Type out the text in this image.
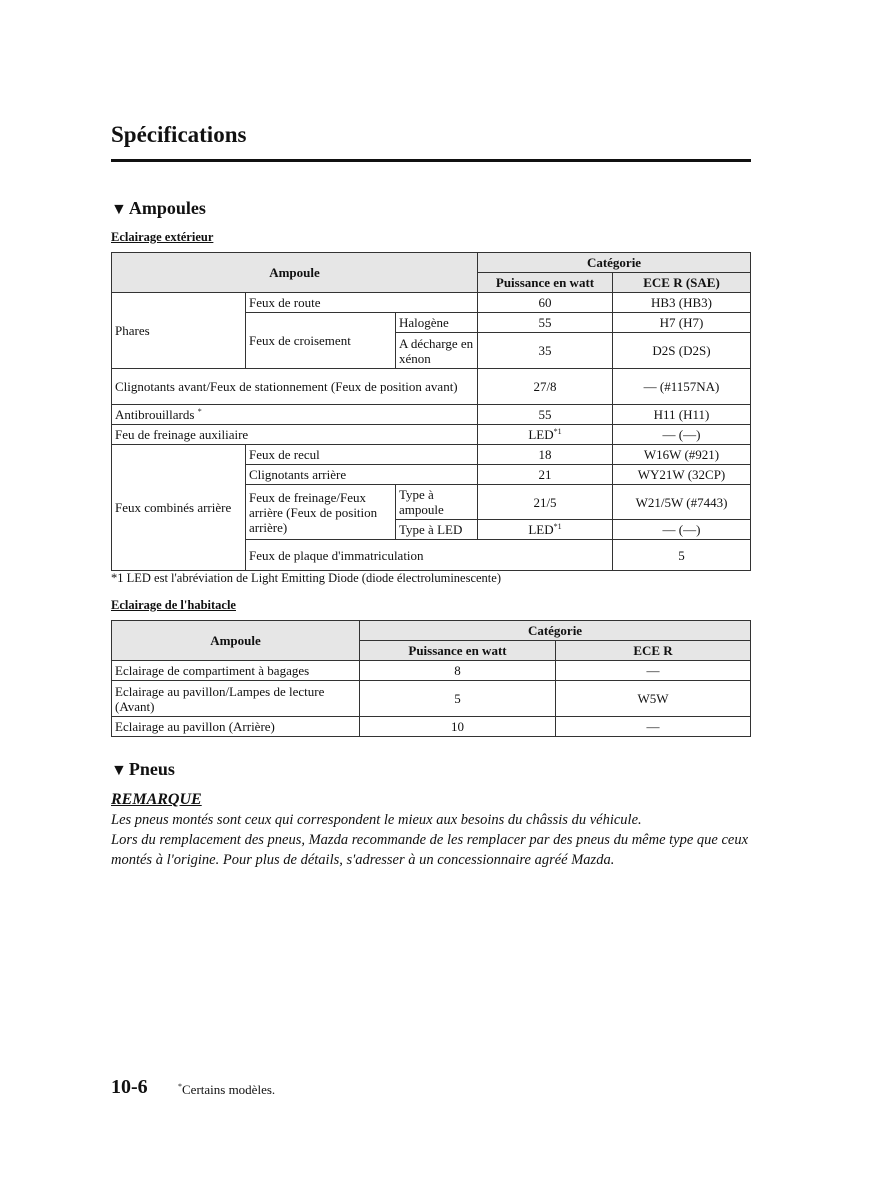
Spécifications
▼ Ampoules
Eclairage extérieur
Ampoule			Catégorie		
			Puissance en watt	ECE R (SAE)	
Phares	Feux de route		60	HB3 (HB3)	
	Feux de croisement	Halogène	55	H7 (H7)	
		A décharge en xénon	35	D2S (D2S)	
Clignotants avant/Feux de stationnement (Feux de position avant)			27/8	— (#1157NA)	
Antibrouillards *			55	H11 (H11)	
Feu de freinage auxiliaire			LED$^{*1}$	— (—)	
Feux combinés arrière	Feux de recul		18	W16W (#921)	
	Clignotants arrière		21	WY21W (32CP)	
	Feux de freinage/Feux arrière (Feux de position arrière)	Type à ampoule	21/5	W21/5W (#7443)	
		Type à LED	LED$^{*1}$	— (—)	
	Feux de plaque d'immatriculation			5	
*1 LED est l'abréviation de Light Emitting Diode (diode électroluminescente)
Eclairage de l'habitacle
Ampoule	Catégorie	
	Puissance en watt	ECE R
Eclairage de compartiment à bagages	8	—
Eclairage au pavillon/Lampes de lecture (Avant)	5	W5W
Eclairage au pavillon (Arrière)	10	—
▼ Pneus
REMARQUE

Les pneus montés sont ceux qui correspondent le mieux aux besoins du châssis du véhicule.

Lors du remplacement des pneus, Mazda recommande de les remplacer par des pneus du même type que ceux montés à l'origine. Pour plus de détails, s'adresser à un concessionnaire agréé Mazda.

10-6	*Certains modèles.
